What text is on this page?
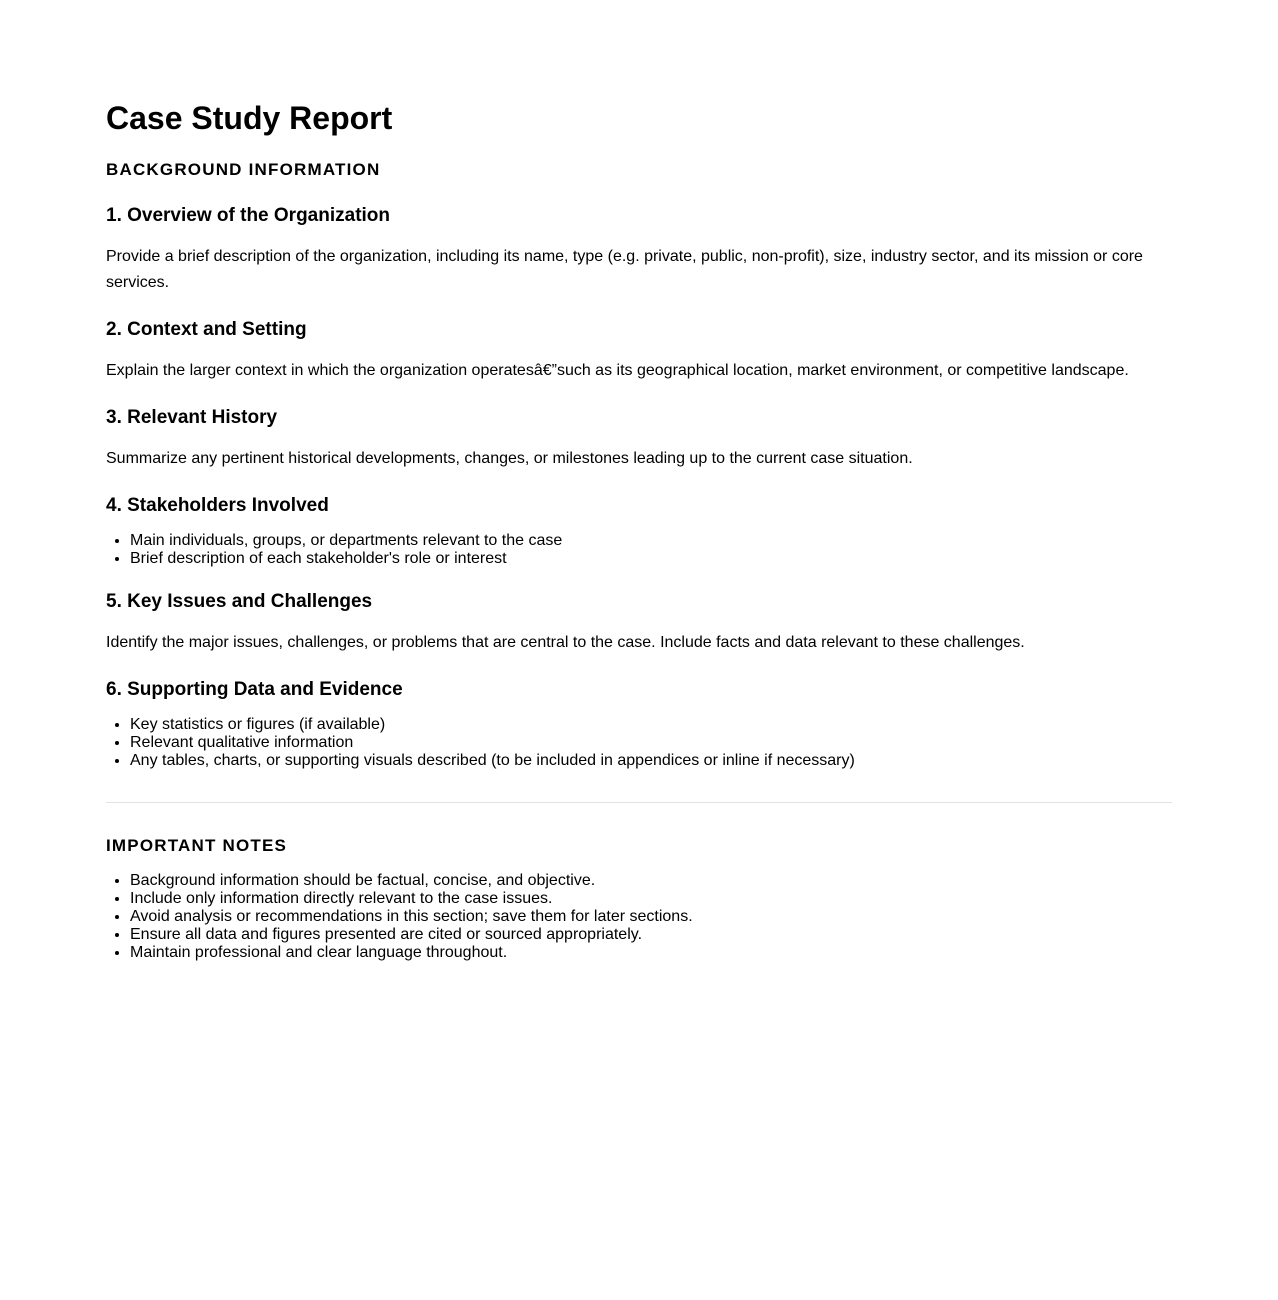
Case Study Report
BACKGROUND INFORMATION
1. Overview of the Organization

Provide a brief description of the organization, including its name, type (e.g. private, public, non-profit), size, industry sector, and its mission or core services.

2. Context and Setting

Explain the larger context in which the organization operatesâ€”such as its geographical location, market environment, or competitive landscape.

3. Relevant History

Summarize any pertinent historical developments, changes, or milestones leading up to the current case situation.

4. Stakeholders Involved
• Main individuals, groups, or departments relevant to the case
• Brief description of each stakeholder's role or interest
5. Key Issues and Challenges

Identify the major issues, challenges, or problems that are central to the case. Include facts and data relevant to these challenges.

6. Supporting Data and Evidence
• Key statistics or figures (if available)
• Relevant qualitative information
• Any tables, charts, or supporting visuals described (to be included in appendices or inline if necessary)
IMPORTANT NOTES
• Background information should be factual, concise, and objective.
• Include only information directly relevant to the case issues.
• Avoid analysis or recommendations in this section; save them for later sections.
• Ensure all data and figures presented are cited or sourced appropriately.
• Maintain professional and clear language throughout.
